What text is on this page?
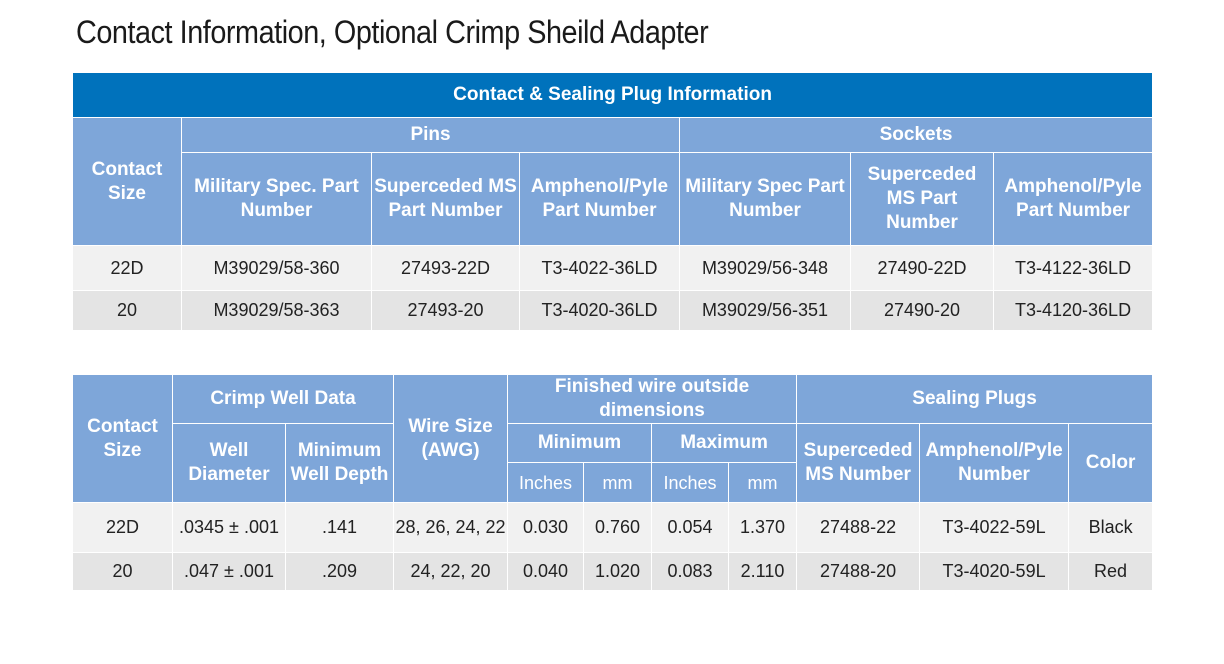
Contact Information, Optional Crimp Sheild Adapter
Contact & Sealing Plug Information						
Contact Size	Pins			Sockets		
	Military Spec. Part Number	Superceded MS Part Number	Amphenol/Pyle Part Number	Military Spec Part Number	Superceded MS Part Number	Amphenol/Pyle Part Number
22D	M39029/58-360	27493-22D	T3-4022-36LD	M39029/56-348	27490-22D	T3-4122-36LD
20	M39029/58-363	27493-20	T3-4020-36LD	M39029/56-351	27490-20	T3-4120-36LD
Contact Size	Crimp Well Data		Wire Size (AWG)	Finished wire outside dimensions				Sealing Plugs		
	Well Diameter	Minimum Well Depth		Minimum		Maximum		Superceded MS Number	Amphenol/Pyle Number	Color
				Inches	mm	Inches	mm			
22D	.0345 ± .001	.141	28, 26, 24, 22	0.030	0.760	0.054	1.370	27488-22	T3-4022-59L	Black
20	.047 ± .001	.209	24, 22, 20	0.040	1.020	0.083	2.110	27488-20	T3-4020-59L	Red
